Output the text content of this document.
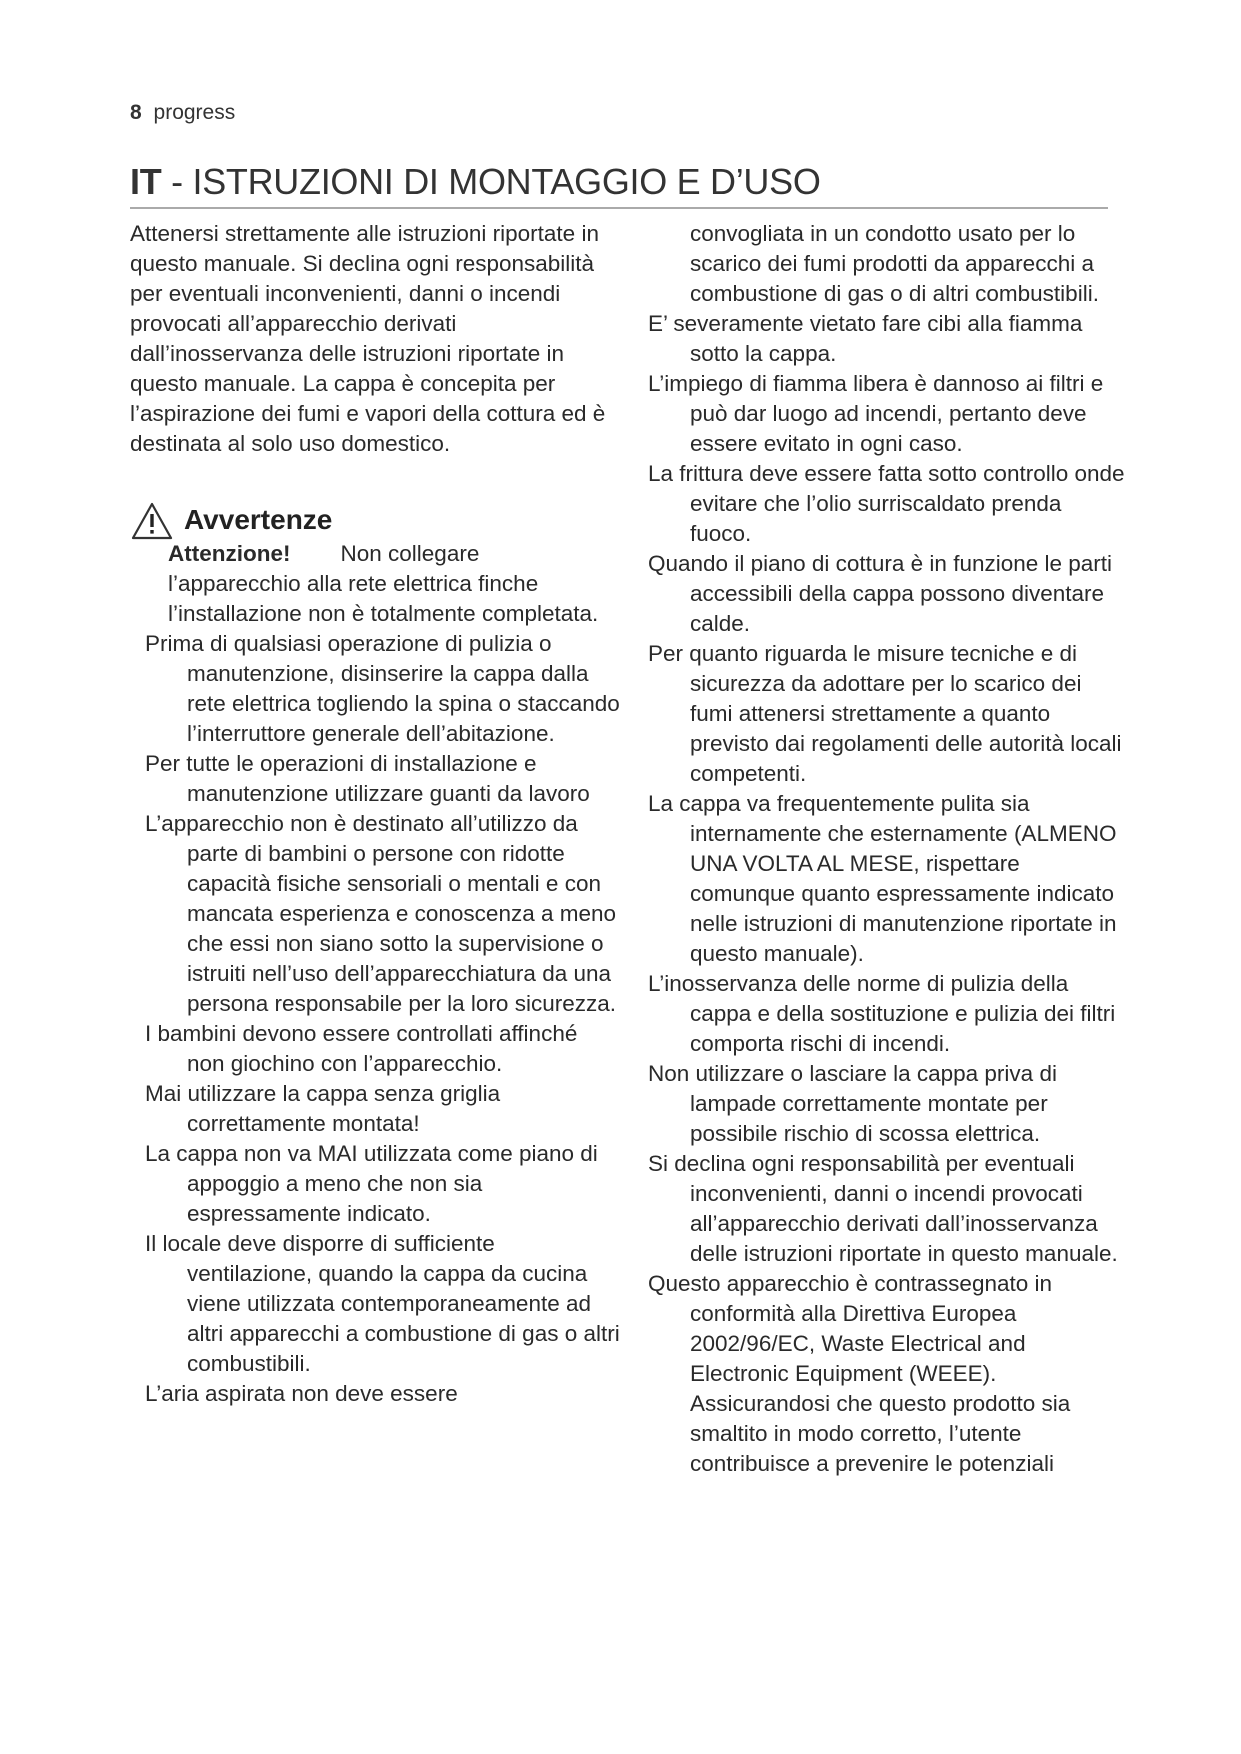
8 progress
IT - ISTRUZIONI DI MONTAGGIO E D’USO

Attenersi strettamente alle istruzioni riportate in questo manuale. Si declina ogni responsabilità per eventuali inconvenienti, danni o incendi provocati all’apparecchio derivati dall’inosservanza delle istruzioni riportate in questo manuale. La cappa è concepita per l’aspirazione dei fumi e vapori della cottura ed è destinata al solo uso domestico.

Avvertenze
Attenzione! Non collegare
l’apparecchio alla rete elettrica finche l’installazione non è totalmente completata.

Prima di qualsiasi operazione di pulizia o manutenzione, disinserire la cappa dalla rete elettrica togliendo la spina o staccando l’interruttore generale dell’abitazione.

Per tutte le operazioni di installazione e manutenzione utilizzare guanti da lavoro

L’apparecchio non è destinato all’utilizzo da parte di bambini o persone con ridotte capacità fisiche sensoriali o mentali e con mancata esperienza e conoscenza a meno che essi non siano sotto la supervisione o istruiti nell’uso dell’apparecchiatura da una persona responsabile per la loro sicurezza.

I bambini devono essere controllati affinché non giochino con l’apparecchio.

Mai utilizzare la cappa senza griglia correttamente montata!

La cappa non va MAI utilizzata come piano di appoggio a meno che non sia espressamente indicato.

Il locale deve disporre di sufficiente ventilazione, quando la cappa da cucina viene utilizzata contemporaneamente ad altri apparecchi a combustione di gas o altri combustibili.

L’aria aspirata non deve essere

convogliata in un condotto usato per lo scarico dei fumi prodotti da apparecchi a combustione di gas o di altri combustibili.

E’ severamente vietato fare cibi alla fiamma sotto la cappa.

L’impiego di fiamma libera è dannoso ai filtri e può dar luogo ad incendi, pertanto deve essere evitato in ogni caso.

La frittura deve essere fatta sotto controllo onde evitare che l’olio surriscaldato prenda fuoco.

Quando il piano di cottura è in funzione le parti accessibili della cappa possono diventare calde.

Per quanto riguarda le misure tecniche e di sicurezza da adottare per lo scarico dei fumi attenersi strettamente a quanto previsto dai regolamenti delle autorità locali competenti.

La cappa va frequentemente pulita sia internamente che esternamente (ALMENO UNA VOLTA AL MESE, rispettare comunque quanto espressamente indicato nelle istruzioni di manutenzione riportate in questo manuale).

L’inosservanza delle norme di pulizia della cappa e della sostituzione e pulizia dei filtri comporta rischi di incendi.

Non utilizzare o lasciare la cappa priva di lampade correttamente montate per possibile rischio di scossa elettrica.

Si declina ogni responsabilità per eventuali inconvenienti, danni o incendi provocati all’apparecchio derivati dall’inosservanza delle istruzioni riportate in questo manuale.

Questo apparecchio è contrassegnato in conformità alla Direttiva Europea 2002/96/EC, Waste Electrical and Electronic Equipment (WEEE). Assicurandosi che questo prodotto sia smaltito in modo corretto, l’utente contribuisce a prevenire le potenziali
